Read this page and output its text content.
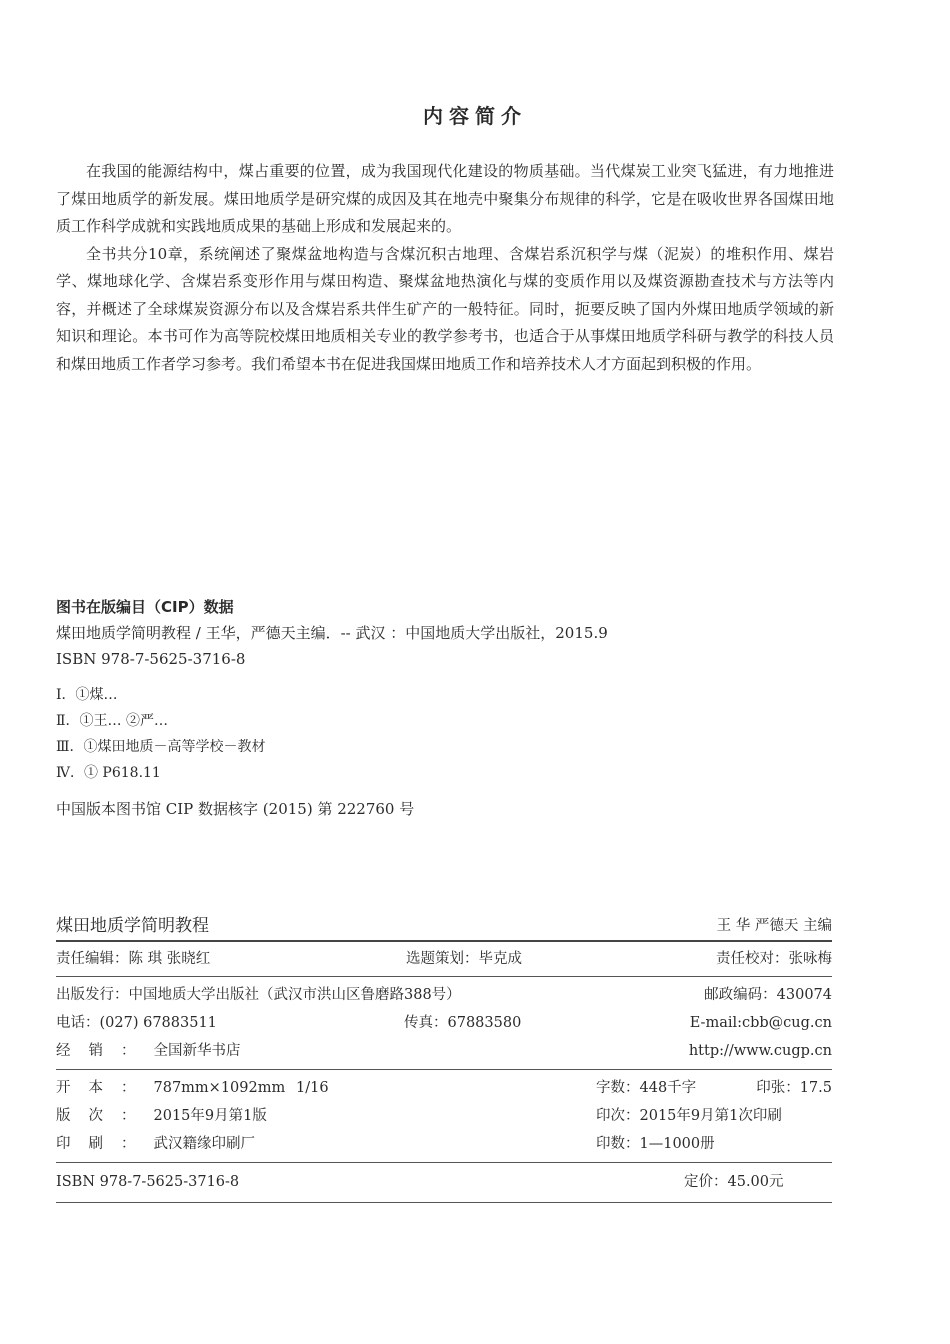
内容简介

在我国的能源结构中，煤占重要的位置，成为我国现代化建设的物质基础。当代煤炭工业突飞猛进，有力地推进了煤田地质学的新发展。煤田地质学是研究煤的成因及其在地壳中聚集分布规律的科学，它是在吸收世界各国煤田地质工作科学成就和实践地质成果的基础上形成和发展起来的。

全书共分10章，系统阐述了聚煤盆地构造与含煤沉积古地理、含煤岩系沉积学与煤（泥炭）的堆积作用、煤岩学、煤地球化学、含煤岩系变形作用与煤田构造、聚煤盆地热演化与煤的变质作用以及煤资源勘查技术与方法等内容，并概述了全球煤炭资源分布以及含煤岩系共伴生矿产的一般特征。同时，扼要反映了国内外煤田地质学领域的新知识和理论。本书可作为高等院校煤田地质相关专业的教学参考书，也适合于从事煤田地质学科研与教学的科技人员和煤田地质工作者学习参考。我们希望本书在促进我国煤田地质工作和培养技术人才方面起到积极的作用。

图书在版编目（CIP）数据
煤田地质学简明教程 / 王华，严德天主编．-- 武汉 ：中国地质大学出版社，2015.9
ISBN 978-7-5625-3716-8
Ⅰ．①煤…
Ⅱ．①王… ②严…
Ⅲ．①煤田地质－高等学校－教材
Ⅳ．① P618.11
中国版本图书馆 CIP 数据核字 (2015) 第 222760 号
煤田地质学简明教程	王 华 严德天 主编
责任编辑：陈 琪 张晓红	选题策划：毕克成	责任校对：张咏梅
出版发行：中国地质大学出版社（武汉市洪山区鲁磨路388号）	邮政编码：430074
电话：(027) 67883511	传真：67883580	E-mail:cbb@cug.cn
经销：全国新华书店	http://www.cugp.cn
开本：787mm×1092mm 1/16	字数：448千字	印张：17.5
版次：2015年9月第1版	印次：2015年9月第1次印刷
印刷：武汉籍缘印刷厂	印数：1—1000册
ISBN 978-7-5625-3716-8	定价：45.00元
